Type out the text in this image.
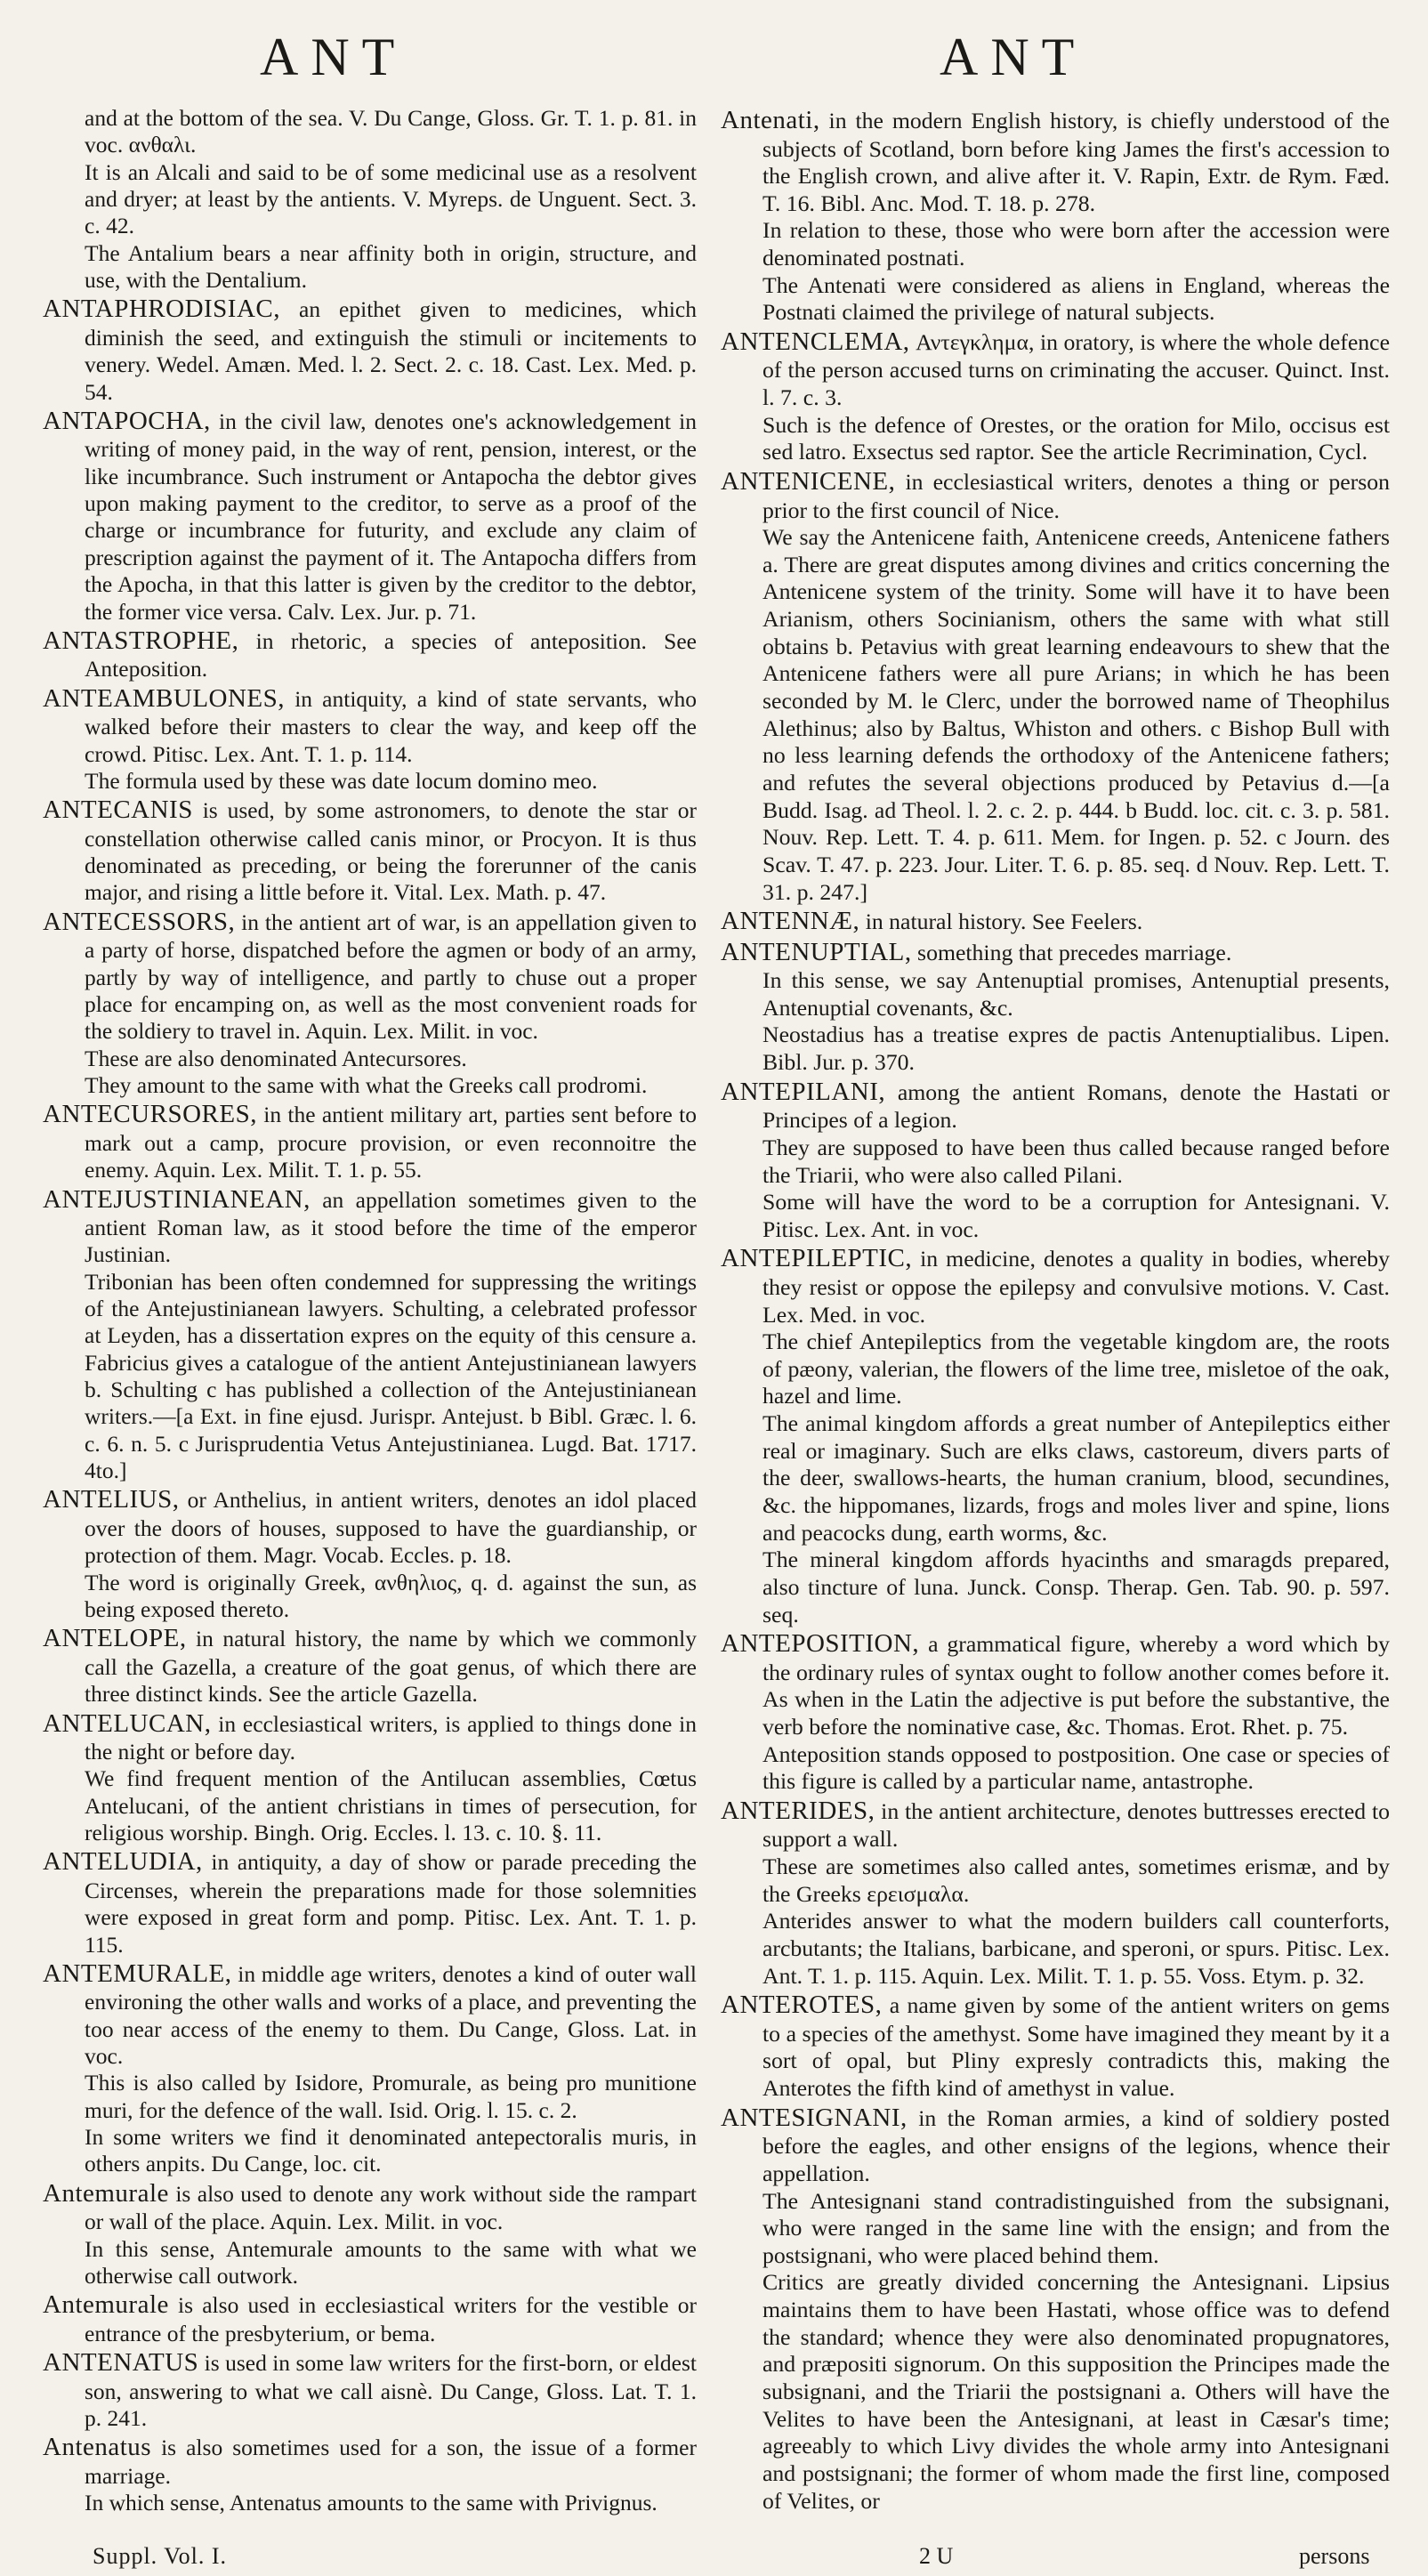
ANT	ANT

and at the bottom of the sea. V. Du Cange, Gloss. Gr. T. 1. p. 81. in voc. ανθαλι.

It is an Alcali and said to be of some medicinal use as a resolvent and dryer; at least by the antients. V. Myreps. de Unguent. Sect. 3. c. 42.

The Antalium bears a near affinity both in origin, structure, and use, with the Dentalium.

ANTAPHRODISIAC, an epithet given to medicines, which diminish the seed, and extinguish the stimuli or incitements to venery. Wedel. Amæn. Med. l. 2. Sect. 2. c. 18. Cast. Lex. Med. p. 54.

ANTAPOCHA, in the civil law, denotes one's acknowledgement in writing of money paid, in the way of rent, pension, interest, or the like incumbrance. Such instrument or Antapocha the debtor gives upon making payment to the creditor, to serve as a proof of the charge or incumbrance for futurity, and exclude any claim of prescription against the payment of it. The Antapocha differs from the Apocha, in that this latter is given by the creditor to the debtor, the former vice versa. Calv. Lex. Jur. p. 71.

ANTASTROPHE, in rhetoric, a species of anteposition. See Anteposition.

ANTEAMBULONES, in antiquity, a kind of state servants, who walked before their masters to clear the way, and keep off the crowd. Pitisc. Lex. Ant. T. 1. p. 114.

The formula used by these was date locum domino meo.

ANTECANIS is used, by some astronomers, to denote the star or constellation otherwise called canis minor, or Procyon. It is thus denominated as preceding, or being the forerunner of the canis major, and rising a little before it. Vital. Lex. Math. p. 47.

ANTECESSORS, in the antient art of war, is an appellation given to a party of horse, dispatched before the agmen or body of an army, partly by way of intelligence, and partly to chuse out a proper place for encamping on, as well as the most convenient roads for the soldiery to travel in. Aquin. Lex. Milit. in voc.

These are also denominated Antecursores.

They amount to the same with what the Greeks call prodromi.

ANTECURSORES, in the antient military art, parties sent before to mark out a camp, procure provision, or even reconnoitre the enemy. Aquin. Lex. Milit. T. 1. p. 55.

ANTEJUSTINIANEAN, an appellation sometimes given to the antient Roman law, as it stood before the time of the emperor Justinian.

Tribonian has been often condemned for suppressing the writings of the Antejustinianean lawyers. Schulting, a celebrated professor at Leyden, has a dissertation expres on the equity of this censure a. Fabricius gives a catalogue of the antient Antejustinianean lawyers b. Schulting c has published a collection of the Antejustinianean writers.—[a Ext. in fine ejusd. Jurispr. Antejust. b Bibl. Græc. l. 6. c. 6. n. 5. c Jurisprudentia Vetus Antejustinianea. Lugd. Bat. 1717. 4to.]

ANTELIUS, or Anthelius, in antient writers, denotes an idol placed over the doors of houses, supposed to have the guardianship, or protection of them. Magr. Vocab. Eccles. p. 18.

The word is originally Greek, ανθηλιος, q. d. against the sun, as being exposed thereto.

ANTELOPE, in natural history, the name by which we commonly call the Gazella, a creature of the goat genus, of which there are three distinct kinds. See the article Gazella.

ANTELUCAN, in ecclesiastical writers, is applied to things done in the night or before day.

We find frequent mention of the Antilucan assemblies, Cœtus Antelucani, of the antient christians in times of persecution, for religious worship. Bingh. Orig. Eccles. l. 13. c. 10. §. 11.

ANTELUDIA, in antiquity, a day of show or parade preceding the Circenses, wherein the preparations made for those solemnities were exposed in great form and pomp. Pitisc. Lex. Ant. T. 1. p. 115.

ANTEMURALE, in middle age writers, denotes a kind of outer wall environing the other walls and works of a place, and preventing the too near access of the enemy to them. Du Cange, Gloss. Lat. in voc.

This is also called by Isidore, Promurale, as being pro munitione muri, for the defence of the wall. Isid. Orig. l. 15. c. 2.

In some writers we find it denominated antepectoralis muris, in others anpits. Du Cange, loc. cit.

Antemurale is also used to denote any work without side the rampart or wall of the place. Aquin. Lex. Milit. in voc.

In this sense, Antemurale amounts to the same with what we otherwise call outwork.

Antemurale is also used in ecclesiastical writers for the vestible or entrance of the presbyterium, or bema.

ANTENATUS is used in some law writers for the first-born, or eldest son, answering to what we call aisnè. Du Cange, Gloss. Lat. T. 1. p. 241.

Antenatus is also sometimes used for a son, the issue of a former marriage.

In which sense, Antenatus amounts to the same with Privignus.

Antenati, in the modern English history, is chiefly understood of the subjects of Scotland, born before king James the first's accession to the English crown, and alive after it. V. Rapin, Extr. de Rym. Fæd. T. 16. Bibl. Anc. Mod. T. 18. p. 278.

In relation to these, those who were born after the accession were denominated postnati.

The Antenati were considered as aliens in England, whereas the Postnati claimed the privilege of natural subjects.

ANTENCLEMA, Αντεγκλημα, in oratory, is where the whole defence of the person accused turns on criminating the accuser. Quinct. Inst. l. 7. c. 3.

Such is the defence of Orestes, or the oration for Milo, occisus est sed latro. Exsectus sed raptor. See the article Recrimination, Cycl.

ANTENICENE, in ecclesiastical writers, denotes a thing or person prior to the first council of Nice.

We say the Antenicene faith, Antenicene creeds, Antenicene fathers a. There are great disputes among divines and critics concerning the Antenicene system of the trinity. Some will have it to have been Arianism, others Socinianism, others the same with what still obtains b. Petavius with great learning endeavours to shew that the Antenicene fathers were all pure Arians; in which he has been seconded by M. le Clerc, under the borrowed name of Theophilus Alethinus; also by Baltus, Whiston and others. c Bishop Bull with no less learning defends the orthodoxy of the Antenicene fathers; and refutes the several objections produced by Petavius d.—[a Budd. Isag. ad Theol. l. 2. c. 2. p. 444. b Budd. loc. cit. c. 3. p. 581. Nouv. Rep. Lett. T. 4. p. 611. Mem. for Ingen. p. 52. c Journ. des Scav. T. 47. p. 223. Jour. Liter. T. 6. p. 85. seq. d Nouv. Rep. Lett. T. 31. p. 247.]

ANTENNÆ, in natural history. See Feelers.

ANTENUPTIAL, something that precedes marriage.

In this sense, we say Antenuptial promises, Antenuptial presents, Antenuptial covenants, &c.

Neostadius has a treatise expres de pactis Antenuptialibus. Lipen. Bibl. Jur. p. 370.

ANTEPILANI, among the antient Romans, denote the Hastati or Principes of a legion.

They are supposed to have been thus called because ranged before the Triarii, who were also called Pilani.

Some will have the word to be a corruption for Antesignani. V. Pitisc. Lex. Ant. in voc.

ANTEPILEPTIC, in medicine, denotes a quality in bodies, whereby they resist or oppose the epilepsy and convulsive motions. V. Cast. Lex. Med. in voc.

The chief Antepileptics from the vegetable kingdom are, the roots of pæony, valerian, the flowers of the lime tree, misletoe of the oak, hazel and lime.

The animal kingdom affords a great number of Antepileptics either real or imaginary. Such are elks claws, castoreum, divers parts of the deer, swallows-hearts, the human cranium, blood, secundines, &c. the hippomanes, lizards, frogs and moles liver and spine, lions and peacocks dung, earth worms, &c.

The mineral kingdom affords hyacinths and smaragds prepared, also tincture of luna. Junck. Consp. Therap. Gen. Tab. 90. p. 597. seq.

ANTEPOSITION, a grammatical figure, whereby a word which by the ordinary rules of syntax ought to follow another comes before it. As when in the Latin the adjective is put before the substantive, the verb before the nominative case, &c. Thomas. Erot. Rhet. p. 75.

Anteposition stands opposed to postposition. One case or species of this figure is called by a particular name, antastrophe.

ANTERIDES, in the antient architecture, denotes buttresses erected to support a wall.

These are sometimes also called antes, sometimes erismæ, and by the Greeks ερεισμαλα.

Anterides answer to what the modern builders call counterforts, arcbutants; the Italians, barbicane, and speroni, or spurs. Pitisc. Lex. Ant. T. 1. p. 115. Aquin. Lex. Milit. T. 1. p. 55. Voss. Etym. p. 32.

ANTEROTES, a name given by some of the antient writers on gems to a species of the amethyst. Some have imagined they meant by it a sort of opal, but Pliny expresly contradicts this, making the Anterotes the fifth kind of amethyst in value.

ANTESIGNANI, in the Roman armies, a kind of soldiery posted before the eagles, and other ensigns of the legions, whence their appellation.

The Antesignani stand contradistinguished from the subsignani, who were ranged in the same line with the ensign; and from the postsignani, who were placed behind them.

Critics are greatly divided concerning the Antesignani. Lipsius maintains them to have been Hastati, whose office was to defend the standard; whence they were also denominated propugnatores, and præpositi signorum. On this supposition the Principes made the subsignani, and the Triarii the postsignani a. Others will have the Velites to have been the Antesignani, at least in Cæsar's time; agreeably to which Livy divides the whole army into Antesignani and postsignani; the former of whom made the first line, composed of Velites, or

Suppl. Vol. I.	2 U	persons
